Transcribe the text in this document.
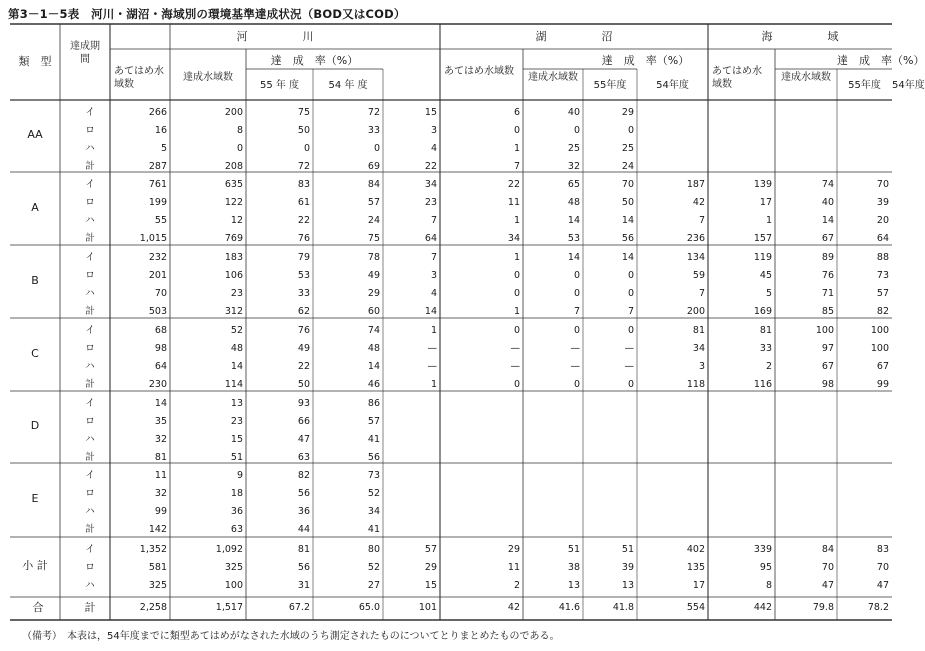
第3－1－5表　河川・湖沼・海域別の環境基準達成状況（BOD又はCOD）
類　型
達成期間
河　　　　　川	湖　　　　　沼	海　　　　　域
あてはめ水域数
達成水域数
達　成　率（%）
55 年 度	54 年 度
あてはめ水域数
達成水域数
達　成　率（%）
55年度	54年度
あてはめ水域数
達成水域数
達　成　率（%）
55年度	54年度
AA
イ	266	200	75	72	15	6	40	29
ロ	16	8	50	33	3	0	0	0
ハ	5	0	0	0	4	1	25	25
計	287	208	72	69	22	7	32	24
A
イ	761	635	83	84	34	22	65	70	187	139	74	70
ロ	199	122	61	57	23	11	48	50	42	17	40	39
ハ	55	12	22	24	7	1	14	14	7	1	14	20
計	1,015	769	76	75	64	34	53	56	236	157	67	64
B
イ	232	183	79	78	7	1	14	14	134	119	89	88
ロ	201	106	53	49	3	0	0	0	59	45	76	73
ハ	70	23	33	29	4	0	0	0	7	5	71	57
計	503	312	62	60	14	1	7	7	200	169	85	82
C
イ	68	52	76	74	1	0	0	0	81	81	100	100
ロ	98	48	49	48	—	—	—	—	34	33	97	100
ハ	64	14	22	14	—	—	—	—	3	2	67	67
計	230	114	50	46	1	0	0	0	118	116	98	99
D
イ	14	13	93	86
ロ	35	23	66	57
ハ	32	15	47	41
計	81	51	63	56
E
イ	11	9	82	73
ロ	32	18	56	52
ハ	99	36	36	34
計	142	63	44	41
小 計
イ	1,352	1,092	81	80	57	29	51	51	402	339	84	83
ロ	581	325	56	52	29	11	38	39	135	95	70	70
ハ	325	100	31	27	15	2	13	13	17	8	47	47
合	計	2,258	1,517	67.2	65.0	101	42	41.6	41.8	554	442	79.8	78.2
（備考）　本表は，54年度までに類型あてはめがなされた水域のうち測定されたものについてとりまとめたものである。
